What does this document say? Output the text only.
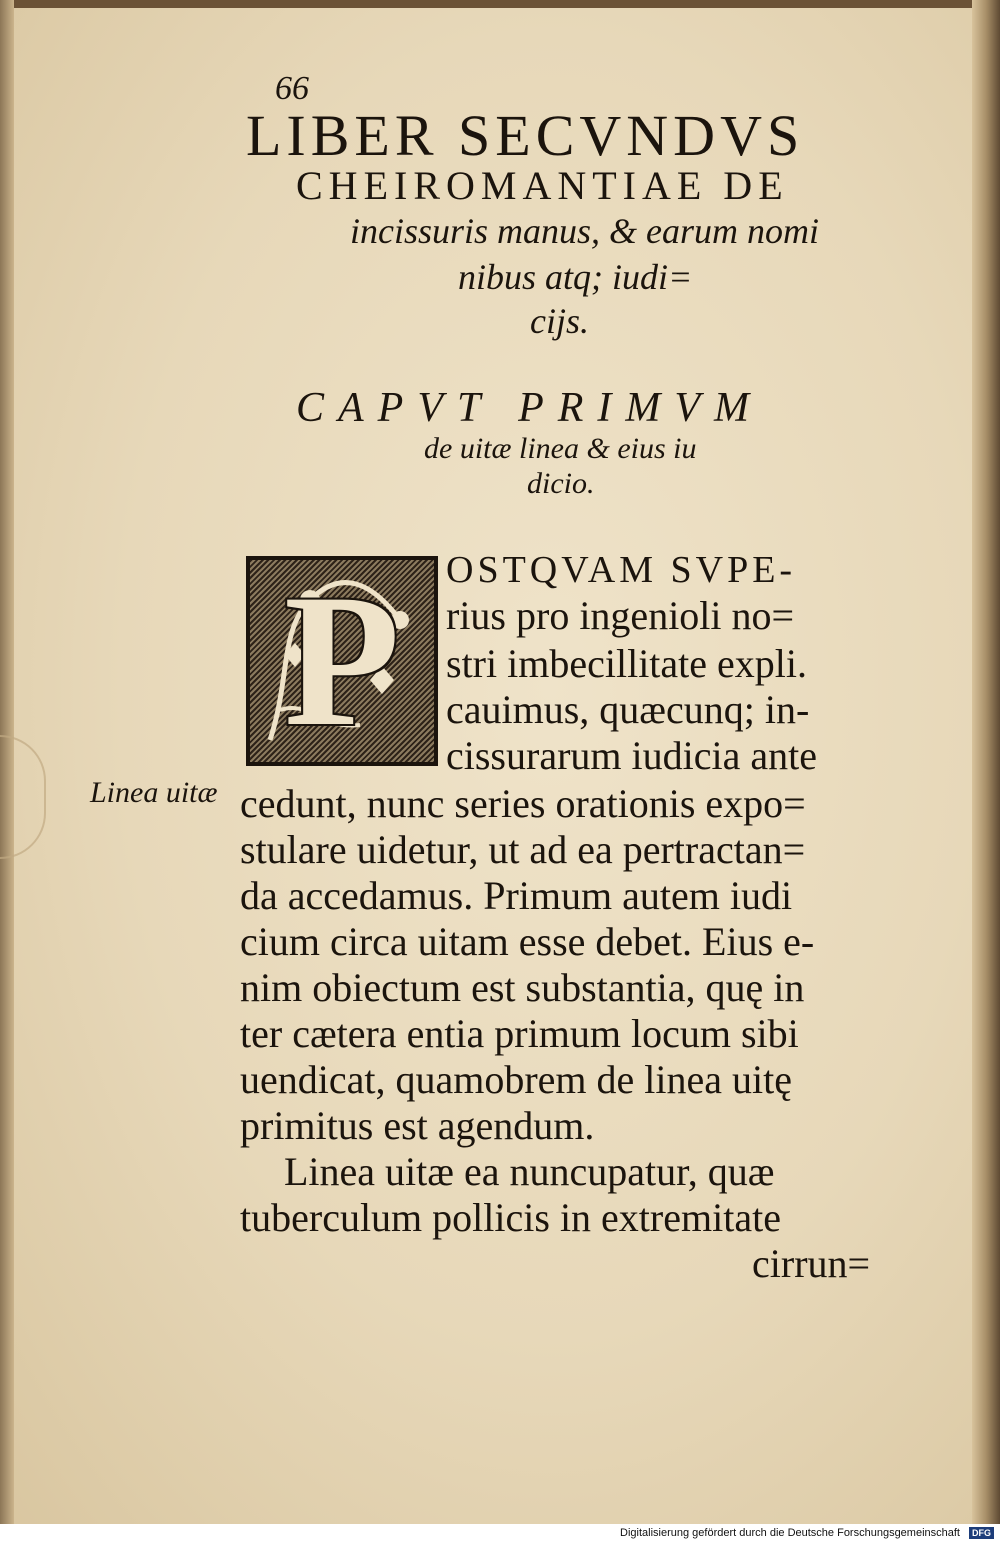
66
LIBER SECVNDVS
CHEIROMANTIAE DE
incissuris manus, & earum nomi
nibus atq; iudi=
cijs.
CAPVT PRIMVM
de uitæ linea & eius iu
dicio.
P
Linea uitæ
OSTQVAM SVPE-
rius pro ingenioli no=
stri imbecillitate expli.
cauimus, quæcunq; in-
cissurarum iudicia ante
cedunt, nunc series orationis expo=
stulare uidetur, ut ad ea pertractan=
da accedamus. Primum autem iudi
cium circa uitam esse debet. Eius e-
nim obiectum est substantia, quę in
ter cætera entia primum locum sibi
uendicat, quamobrem de linea uitę
primitus est agendum.
Linea uitæ ea nuncupatur, quæ
tuberculum pollicis in extremitate
cirrun=
Digitalisierung gefördert durch die Deutsche Forschungsgemeinschaft	DFG
